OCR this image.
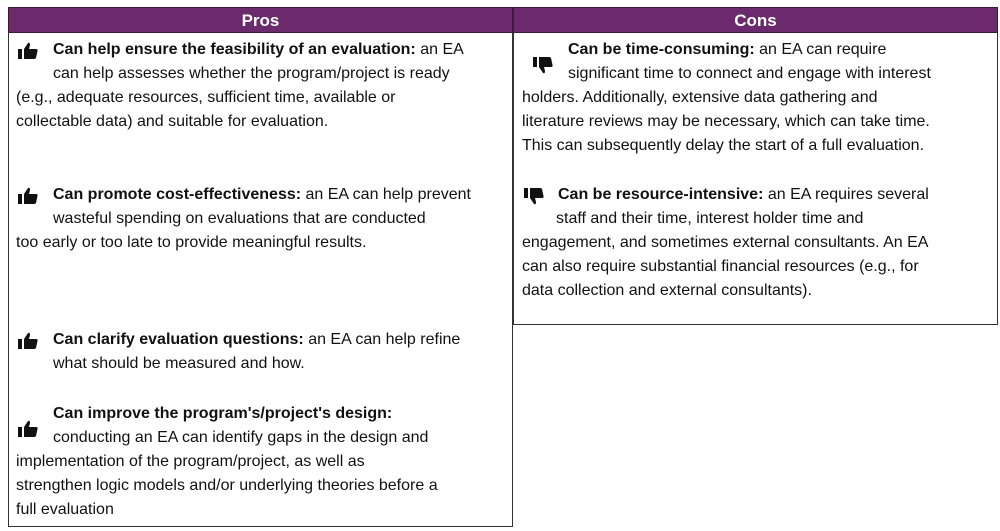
Pros
Can help ensure the feasibility of an evaluation: an EA
can help assesses whether the program/project is ready
(e.g., adequate resources, sufficient time, available or
collectable data) and suitable for evaluation.
Can promote cost-effectiveness: an EA can help prevent
wasteful spending on evaluations that are conducted
too early or too late to provide meaningful results.
Can clarify evaluation questions: an EA can help refine
what should be measured and how.
Can improve the program's/project's design:
conducting an EA can identify gaps in the design and
implementation of the program/project, as well as
strengthen logic models and/or underlying theories before a
full evaluation
Cons
Can be time-consuming: an EA can require
significant time to connect and engage with interest
holders. Additionally, extensive data gathering and
literature reviews may be necessary, which can take time.
This can subsequently delay the start of a full evaluation.
Can be resource-intensive: an EA requires several
staff and their time, interest holder time and
engagement, and sometimes external consultants. An EA
can also require substantial financial resources (e.g., for
data collection and external consultants).
